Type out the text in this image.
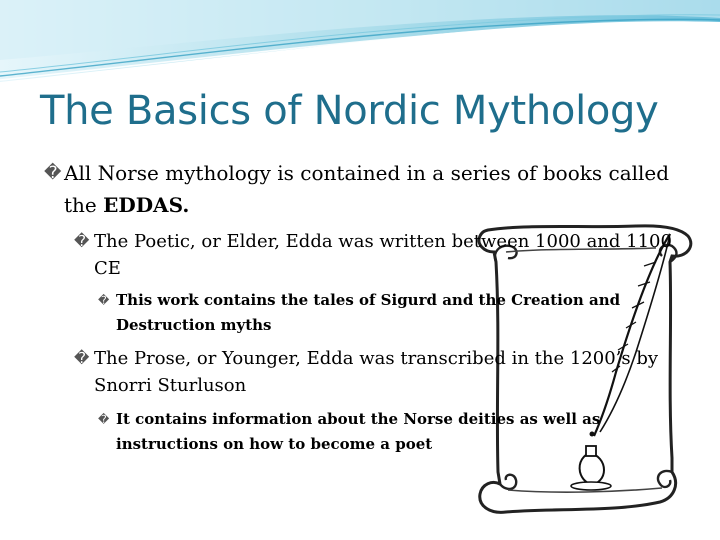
The Basics of Nordic Mythology
� All Norse mythology is contained in a series of books called the EDDAS.
� The Poetic, or Elder, Edda was written between 1000 and 1100 CE
� This work contains the tales of Sigurd and the Creation and Destruction myths
� The Prose, or Younger, Edda was transcribed in the 1200’s by Snorri Sturluson
� It contains information about the Norse deities as well as instructions on how to become a poet
